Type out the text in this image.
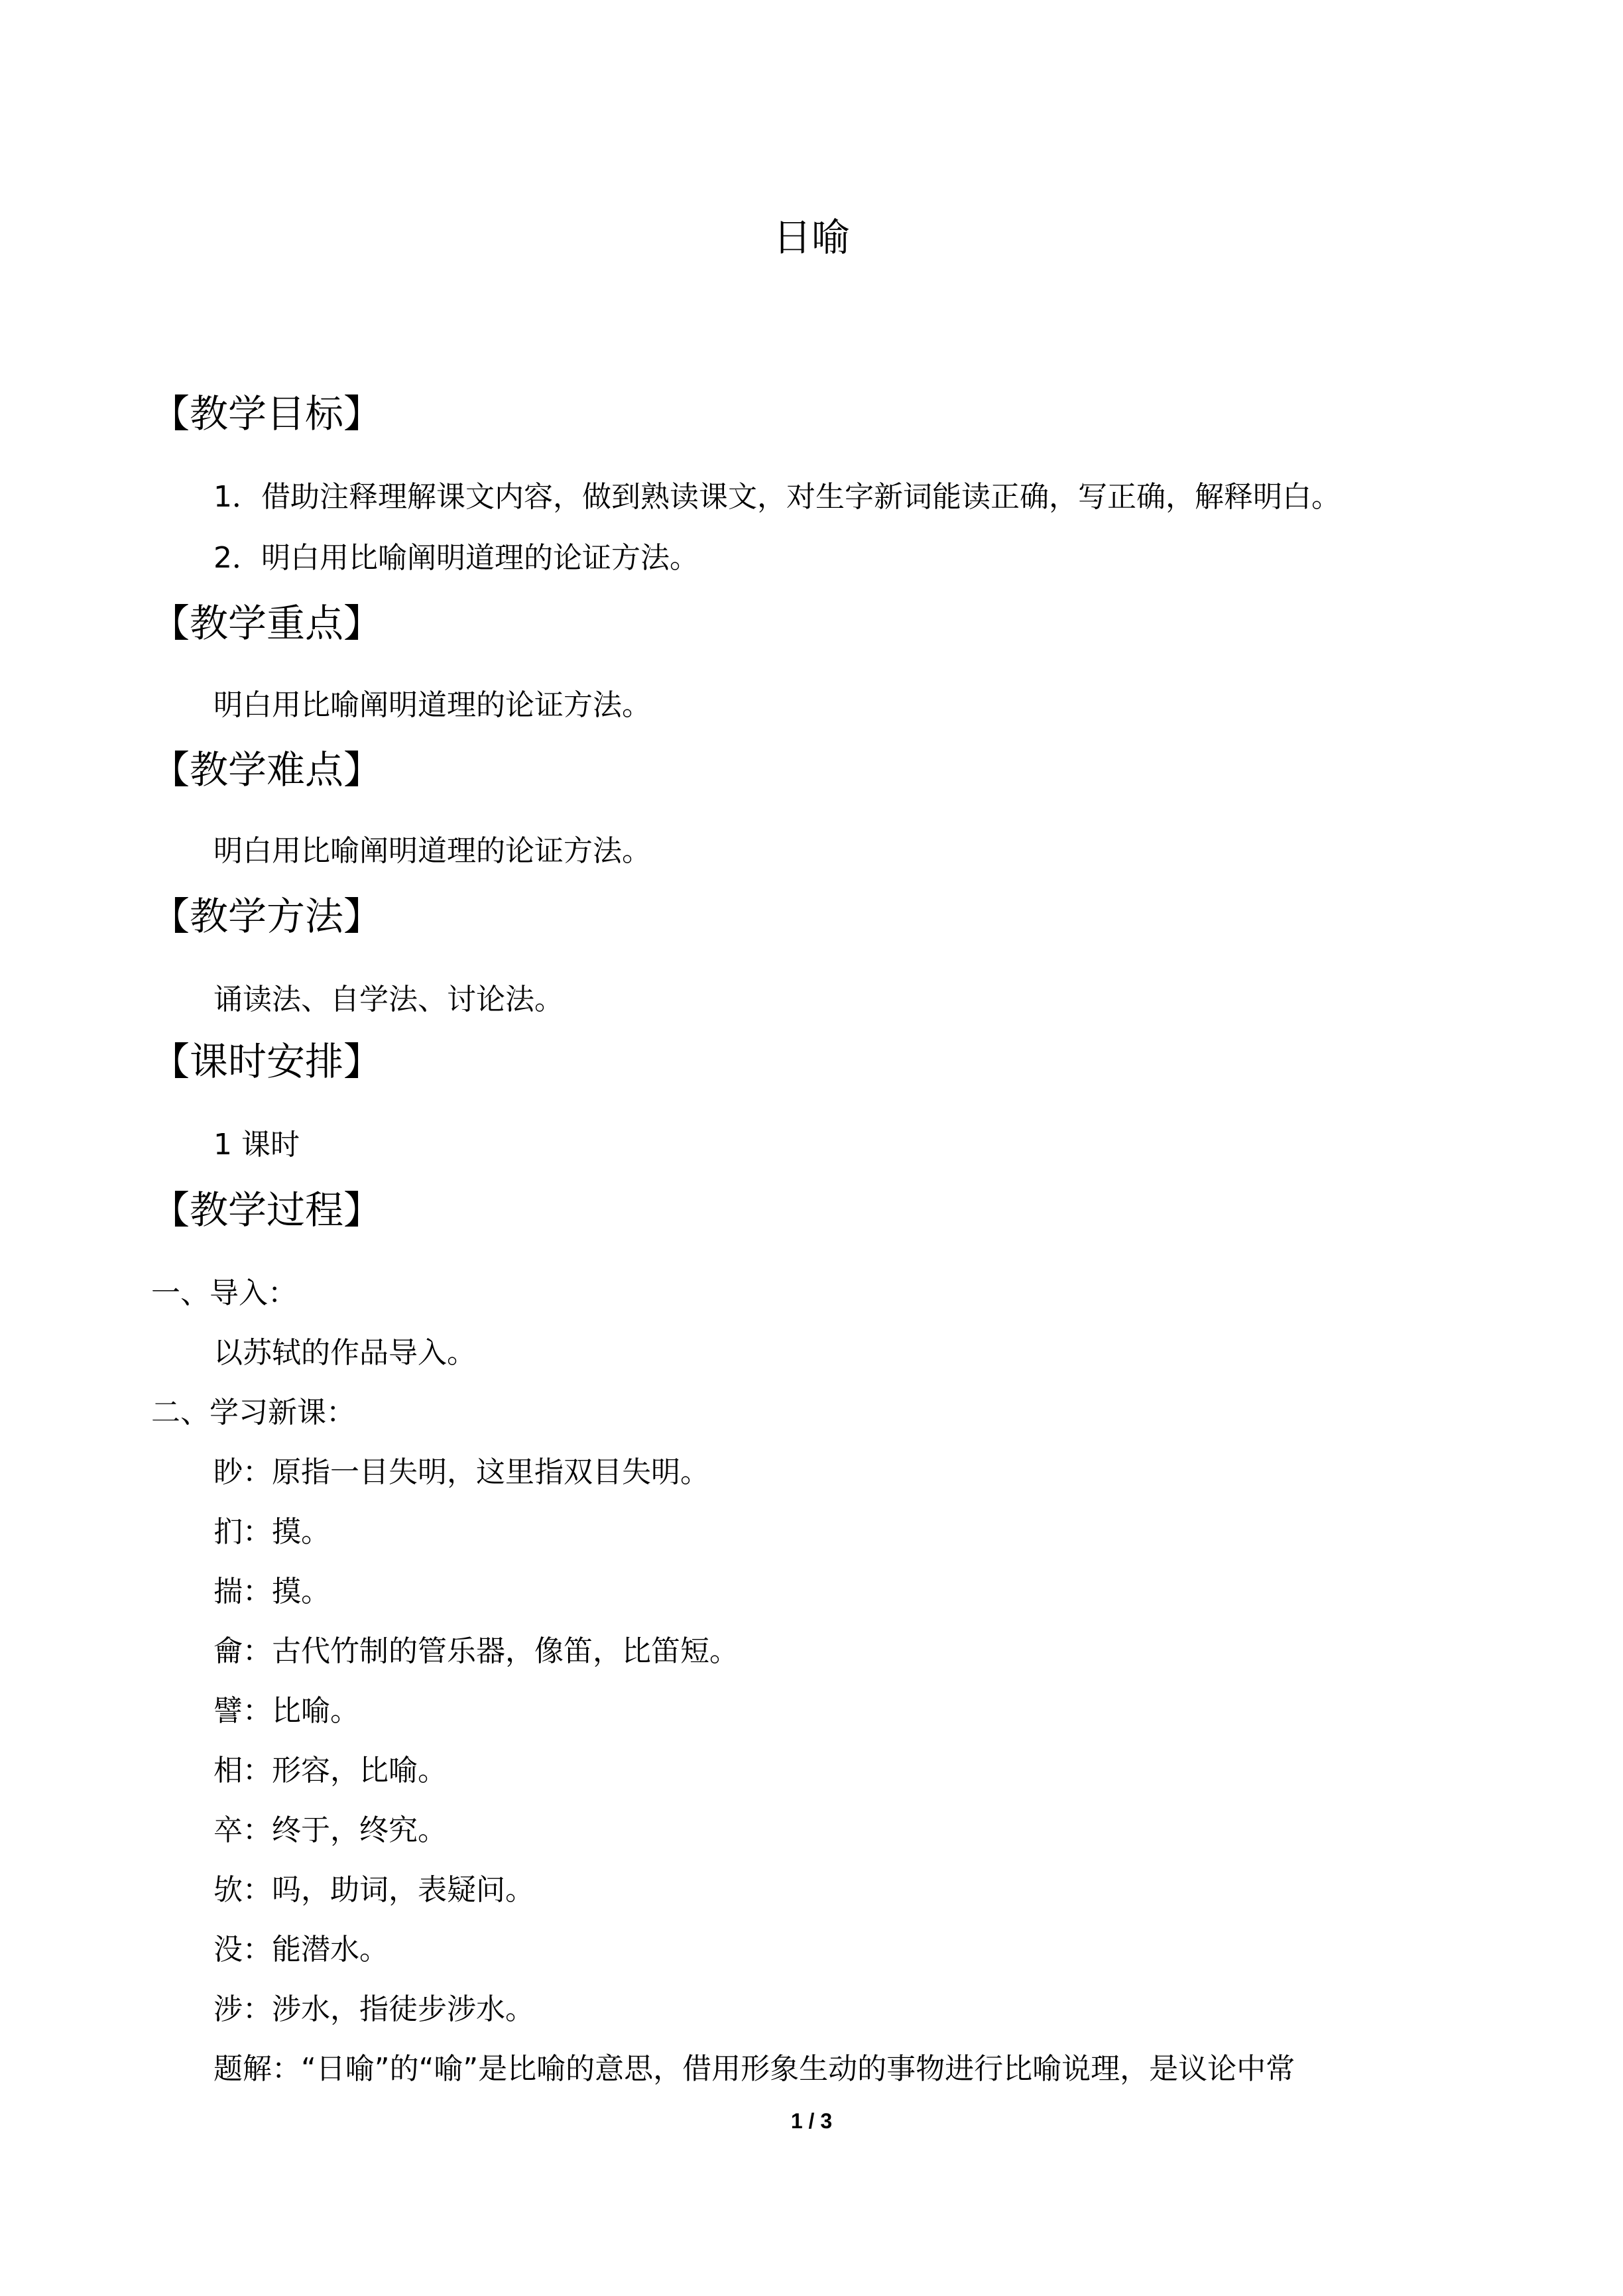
日喻
【教学目标】
1．借助注释理解课文内容，做到熟读课文，对生字新词能读正确，写正确，解释明白。
2．明白用比喻阐明道理的论证方法。
【教学重点】
明白用比喻阐明道理的论证方法。
【教学难点】
明白用比喻阐明道理的论证方法。
【教学方法】
诵读法、自学法、讨论法。
【课时安排】
1 课时
【教学过程】
一、导入：
以苏轼的作品导入。
二、学习新课：
眇：原指一目失明，这里指双目失明。
扪：摸。
揣：摸。
龠：古代竹制的管乐器，像笛，比笛短。
譬：比喻。
相：形容，比喻。
卒：终于，终究。
欤：吗，助词，表疑问。
没：能潜水。
涉：涉水，指徒步涉水。
题解：“日喻”的“喻”是比喻的意思，借用形象生动的事物进行比喻说理，是议论中常
1 / 3
